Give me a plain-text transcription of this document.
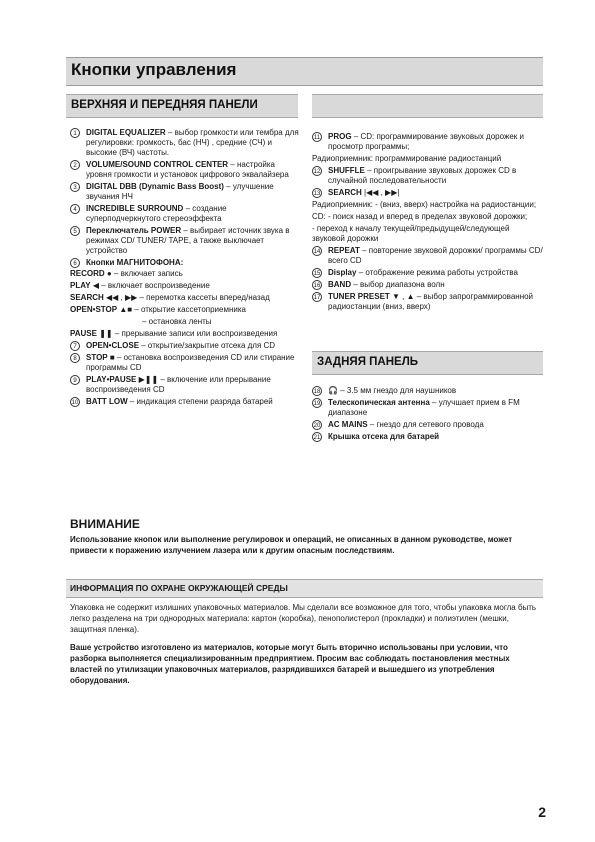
Кнопки управления
ВЕРХНЯЯ И ПЕРЕДНЯЯ ПАНЕЛИ
1	DIGITAL EQUALIZER – выбор громкости или тембра для регулировки: громкость, бас (НЧ) , средние (СЧ) и высокие (ВЧ) частоты.
2	VOLUME/SOUND CONTROL CENTER – настройка уровня громкости и установок цифрового эквалайзера
3	DIGITAL DBB (Dynamic Bass Boost) – улучшение звучания НЧ
4	INCREDIBLE SURROUND – создание суперподчеркнутого стереоэффекта
5	Переключатель POWER – выбирает источник звука в режимах CD/ TUNER/ TAPE, а также выключает устройство
6	Кнопки МАГНИТОФОНА:
RECORD ● – включает запись
PLAY ◀ – включает воспроизведение
SEARCH ◀◀ , ▶▶ – перемотка кассеты вперед/назад
OPEN•STOP ▲■ – открытие кассетоприемника
– остановка ленты
PAUSE ❚❚ – прерывание записи или воспроизведения
7	OPEN•CLOSE – открытие/закрытие отсека для CD
8	STOP ■ – остановка воспроизведения CD или стирание программы CD
9	PLAY•PAUSE ▶❚❚ – включение или прерывание воспроизведения CD
10 BATT LOW – индикация степени разряда батарей
11 PROG – CD: программирование звуковых дорожек и просмотр программы;
Радиоприемник: программирование радиостанций
12 SHUFFLE – проигрывание звуковых дорожек CD в случайной последовательности
13 SEARCH |◀◀ , ▶▶|
Радиоприемник: - (вниз, вверх) настройка на радиостанции;
CD: - поиск назад и вперед в пределах звуковой дорожки;
- переход к началу текущей/предыдущей/следующей звуковой дорожки
14 REPEAT – повторение звуковой дорожки/ программы CD/всего CD
15 Display – отображение режима работы устройства
16 BAND – выбор диапазона волн
17 TUNER PRESET ▼ , ▲ – выбор запрограммированной радиостанции (вниз, вверх)
ЗАДНЯЯ ПАНЕЛЬ
18 🎧 – 3.5 мм гнездо для наушников
19 Телескопическая антенна – улучшает прием в FM диапазоне
20 AC MAINS – гнездо для сетевого провода
21 Крышка отсека для батарей
ВНИМАНИЕ
Использование кнопок или выполнение регулировок и операций, не описанных в данном руководстве, может привести к поражению излучением лазера или к другим опасным последствиям.
ИНФОРМАЦИЯ ПО ОХРАНЕ ОКРУЖАЮЩЕЙ СРЕДЫ
Упаковка не содержит излишних упаковочных материалов. Мы сделали все возможное для того, чтобы упаковка могла быть легко разделена на три однородных материала: картон (коробка), пенополистерол (прокладки) и полиэтилен (мешки, защитная пленка).
Ваше устройство изготовлено из материалов, которые могут быть вторично использованы при условии, что разборка выполняется специализированным предприятием. Просим вас соблюдать постановления местных властей по утилизации упаковочных материалов, разрядившихся батарей и вышедшего из употребления оборудования.
2
